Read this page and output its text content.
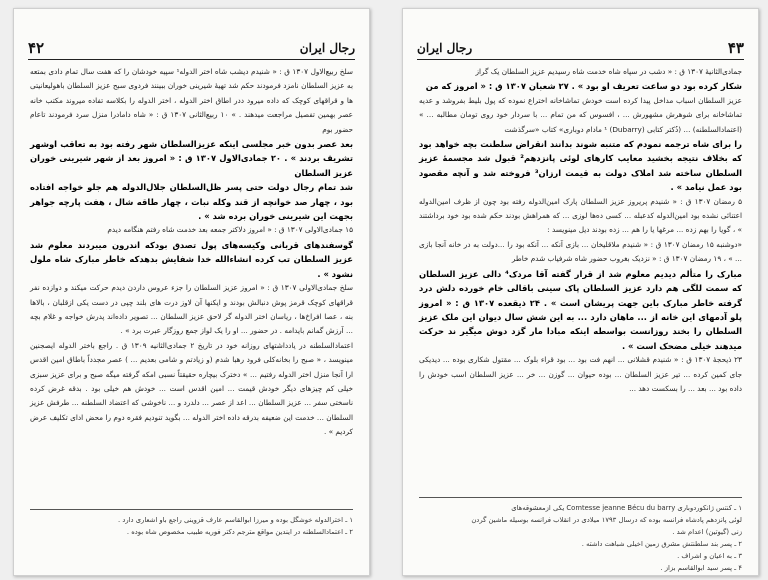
۴۲	رجال ایران

سلخ ربیع‌الاول ۱۳۰۷ ق : « شنیدم دیشب شاه اختر الدوله‌¹ سپیه خودشان را که هفت سال تمام دادی بمتعه به عزیز السلطان نامزد فرمودند حکم شد تهیهٔ شیرینی خوران ببینند فردوی سبح عزیز السلطان باهولیعانیتی ها و قراقهای کوچک که داده میرود ددر اطاق اختر الدوله ، اختر الدوله را بکلاسه تفاده میروند مکتب خانه عصر بهمین تفصیل مراجعت میدهند . » ۱۰ ربیع‌الثانی ۱۳۰۷ ق : « شاه دامادرا منزل سرد فرمودند تاعام حضور بوم

بعد عصر بدون خبر مجلسی اینکه عزیزالسلطان شهر رفته بود به تعاقب اوشهر تشریف بردند » . ۲۰ جمادی‌الاول ۱۳۰۷ ق : « امروز بعد از شهر شیرینی خوران عزیز السلطان

شد تمام رجال دولت حتی پسر ظل‌السلطان جلال‌الدوله هم جلو خواجه افتاده بود ، چهار صد خوانچه از قند وکله نبات ، چهار طاقه شال ، هفت پارچه جواهر بجهت این شیرینی خوران برده شد » .

۱۵ جمادی‌الاولی ۱۳۰۷ ق : « امروز دلاکتر جمعه بعد خدمت شاه رفتم هنگامه دیدم

گوسفندهای قربانی وکیسه‌های پول تصدق بودکه اندرون میبردند معلوم شد عزیز السلطان تب کرده انشاءالله خدا شفایش بدهدکه خاطر مبارک شاه ملول نشود » .

سلخ جمادی‌الاولی ۱۳۰۷ ق : « امروز عزیز السلطان را جزء عروس داردن دیدم حرکت میکند و دوازده نفر قراقهای کوچک قرمز پوش دنبالش بودند و ایکنها آن لاوز درت های بلند چپی در دست یکی ازقلبان ، بالاها بنه ، عصا افراخ‌ها ، ریاسان اختر الدوله گر لاحق عزیز السلطان ... تصویر داده‌اند پدرش خواجه و غلام بچه ... آرزش گمانم بایدامه . در حضور ... او را یک لواز جمع روزگار عبرت برد » .

اعتمادالسلطنه در یادداشتهای روزانه خود در تاریخ ۲ جمادی‌الثانیه ۱۳۰۹ ق . راجع باختر الدوله ایصجنین مینویسد ، « صبح را بخانه‌کلی فرود رهبا شدم (و زیادتم و شامی بعدیم ... ) عصر مجدداً باطاق امین اقدس ارا آنجا منزل اختر الدوله رفتیم ... » دخترک بیچاره حقیقتاً نسبی امکه گرفته میگه صبح و برای عزیز سبزی خیلی کم چیزهای دیگر خودش قیمت ... امین اقدس است ... خودش هم خیلی بود . بدقه غرض کرده ناسختی سفر ... عزیز السلطان ... اعد از عصر ... دلدرد و ... ناخوشی که اعتضاد السلطنه ... طرفش عزیز السلطان ... خدمت این ضعیفه بدرقه داده اختر الدوله ... بگوید تنودیم فقره دوم را محض اداى تكليف عرض كرديم » .

۱ ـ اخترالدوله خوشگل بوده و میرزا ابوالقاسم عارف قزوینی راجع باو اشعاری دارد .
۲ ـ اعتمادالسلطنه در ایندین مواقع مترجم دکتر فوریه طبیب مخصوص شاه بوده .
۴۳
رجال ایران

جمادی‌الثانیهٔ ۱۳۰۷ ق : « دشب در سپاه شاه خدمت شاه رسیدیم عزیز السلطان یک گراز

شکار کرده بود دو ساعت تعریف او بود » . ۲۷ شعبان ۱۳۰۷ ق : « امروز که من

عزیز السلطان اسباب مداخل پیدا کرده است خودش تماشاخانه اختراع نموده که پول بلیط بفروشد و عدیه تماشاخانه برای شوهرش مشهورش ... ، افسوس که من تمام ... با سردار خود روی تومان مطالبه ... » (اعتمادالسلطنه) ... (دُکتر کتابی (Dubarry) ¹ مادام دوباری» کتاب «سرگذشت

را برای شاه ترجمه نمودم که متنبه شوند بدانند انقراض سلطنت بچه خواهد بود که بخلاف نتیجه بخشید معایب کارهای لوئی پانزدهم² قبول شد مجسمهٔ عزیز السلطان ساخته شد املاک دولت به قیمت ارزان³ فروخته شد و آنچه مقصود بود عمل نیامد » .

۵ رمضان ۱۳۰۷ ق : « شنیدم پریروز عزیز السلطان پارک امین‌الدوله رفته بود چون از ظرف امین‌الدوله اعتنائی نشده بود امین‌الدوله کدعبله ... کسی ده‌ها لوزی ... که همراهش بودند حکم شده بود خود برداشتند » ، گویا را بهم زده ... مرغها یا را هم ... زده بودند دیل مینویسد :

«دوشنبه ۱۵ رمضان ۱۳۰۷ ق : « شنیدم ملاقلیخان ... بازی آنکه ... آنکه بود را ...دولت به در خانه آنجا بازی ... » ، ۱۹ رمضان ۱۳۰۷ ق : « نزدیک بغروب حضور شاه شرفیاب شدم خاطر

مبارک را متألم دیدیم معلوم شد از قرار گفته آقا مردک⁴ دالی عزیز السلطان که سمت للگی هم دارد عزیز السلطان پاک سینی باقالی خام خورده دلش درد گرفته خاطر مبارک باین جهت پریشان است » . ۲۴ ذیقعده ۱۳۰۷ ق : « امروز پلو آدمهای این خانه از ... ماهان دارد ... به این شش سال دیوان این ملک عزیز السلطان را بخند روزانست بواسطه اینکه مبادا مار گزد دوش میگیر ند حرکت میدهند خیلی مضحک است » .

۲۳ ذیحجهٔ ۱۳۰۷ ق : « شنیدم قشلانی ... انهم فت بود ... بود قراء بلوک ... مقتول شکاری بوده ... دیدیکی جای کمین کرده ... تیر عزیز السلطان ... بوده حیوان ... گوزن ... خر ... عزیز السلطان اسب خودش را داده بود ... بعد ... را بسکست دهد ...

۱ ـ کنتس ژانکوردوباری Comtesse jeanne Bécu du barry یکی ازمعشوقه‌های
لوئی پانزدهم پادشاه فرانسه بوده که درسال ۱۷۹۳ میلادی در انقلاب فرانسه بوسیله ماشین گردن
زنی (گیوتین) اعدام شد .
۲ ـ پسر بند سلطنتش مشرق زمین اخیلی شباهت داشته .
۳ ـ به اعیان و اشراف .
۴ ـ پسر سید ابوالقاسم بزاز .
